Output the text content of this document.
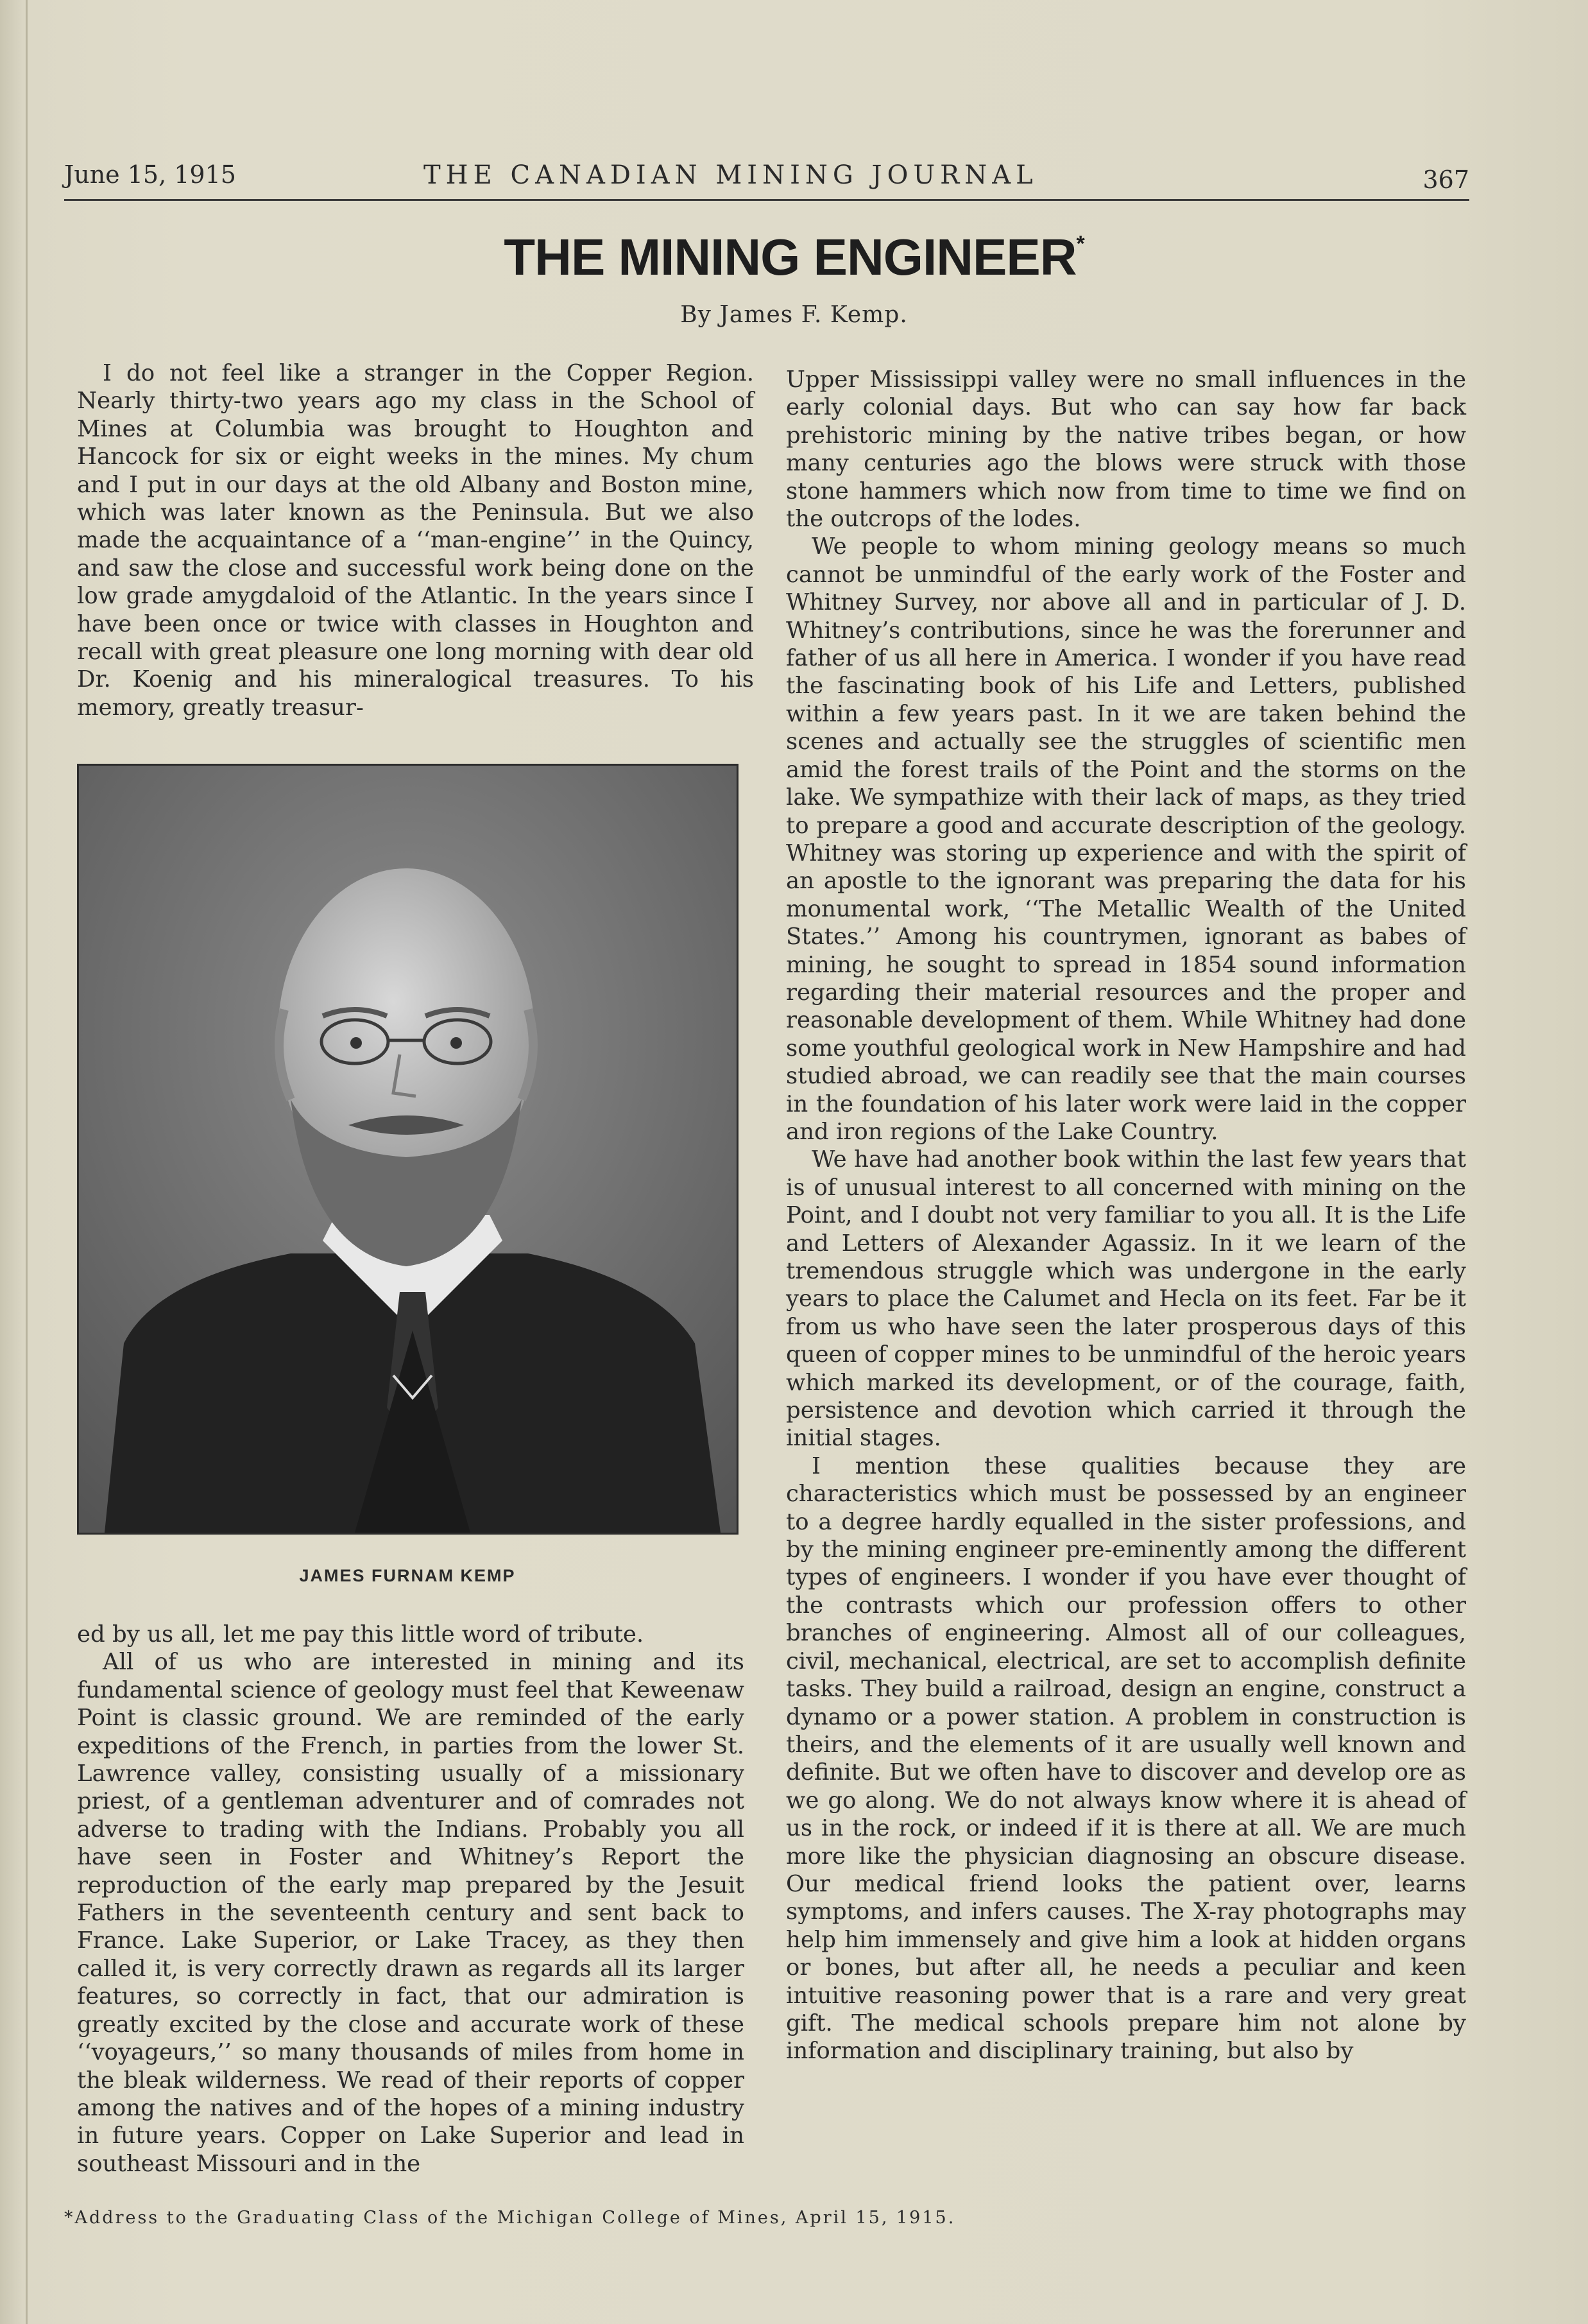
June 15, 1915	THE CANADIAN MINING JOURNAL	367
THE MINING ENGINEER*
By James F. Kemp.

I do not feel like a stranger in the Copper Region. Nearly thirty-two years ago my class in the School of Mines at Columbia was brought to Houghton and Hancock for six or eight weeks in the mines. My chum and I put in our days at the old Albany and Boston mine, which was later known as the Peninsula. But we also made the acquaintance of a ‘‘man-engine’’ in the Quincy, and saw the close and successful work being done on the low grade amygdaloid of the Atlantic. In the years since I have been once or twice with classes in Houghton and recall with great pleasure one long morning with dear old Dr. Koenig and his mineralogical treasures. To his memory, greatly treasur-

JAMES FURNAM KEMP

ed by us all, let me pay this little word of tribute.

All of us who are interested in mining and its fundamental science of geology must feel that Keweenaw Point is classic ground. We are reminded of the early expeditions of the French, in parties from the lower St. Lawrence valley, consisting usually of a missionary priest, of a gentleman adventurer and of comrades not adverse to trading with the Indians. Probably you all have seen in Foster and Whitney’s Report the reproduction of the early map prepared by the Jesuit Fathers in the seventeenth century and sent back to France. Lake Superior, or Lake Tracey, as they then called it, is very correctly drawn as regards all its larger features, so correctly in fact, that our admiration is greatly excited by the close and accurate work of these ‘‘voyageurs,’’ so many thousands of miles from home in the bleak wilderness. We read of their reports of copper among the natives and of the hopes of a mining industry in future years. Copper on Lake Superior and lead in southeast Missouri and in the

Upper Mississippi valley were no small influences in the early colonial days. But who can say how far back prehistoric mining by the native tribes began, or how many centuries ago the blows were struck with those stone hammers which now from time to time we find on the outcrops of the lodes.

We people to whom mining geology means so much cannot be unmindful of the early work of the Foster and Whitney Survey, nor above all and in particular of J. D. Whitney’s contributions, since he was the forerunner and father of us all here in America. I wonder if you have read the fascinating book of his Life and Letters, published within a few years past. In it we are taken behind the scenes and actually see the struggles of scientific men amid the forest trails of the Point and the storms on the lake. We sympathize with their lack of maps, as they tried to prepare a good and accurate description of the geology. Whitney was storing up experience and with the spirit of an apostle to the ignorant was preparing the data for his monumental work, ‘‘The Metallic Wealth of the United States.’’ Among his countrymen, ignorant as babes of mining, he sought to spread in 1854 sound information regarding their material resources and the proper and reasonable development of them. While Whitney had done some youthful geological work in New Hampshire and had studied abroad, we can readily see that the main courses in the foundation of his later work were laid in the copper and iron regions of the Lake Country.

We have had another book within the last few years that is of unusual interest to all concerned with mining on the Point, and I doubt not very familiar to you all. It is the Life and Letters of Alexander Agassiz. In it we learn of the tremendous struggle which was undergone in the early years to place the Calumet and Hecla on its feet. Far be it from us who have seen the later prosperous days of this queen of copper mines to be unmindful of the heroic years which marked its development, or of the courage, faith, persistence and devotion which carried it through the initial stages.

I mention these qualities because they are characteristics which must be possessed by an engineer to a degree hardly equalled in the sister professions, and by the mining engineer pre-eminently among the different types of engineers. I wonder if you have ever thought of the contrasts which our profession offers to other branches of engineering. Almost all of our colleagues, civil, mechanical, electrical, are set to accomplish definite tasks. They build a railroad, design an engine, construct a dynamo or a power station. A problem in construction is theirs, and the elements of it are usually well known and definite. But we often have to discover and develop ore as we go along. We do not always know where it is ahead of us in the rock, or indeed if it is there at all. We are much more like the physician diagnosing an obscure disease. Our medical friend looks the patient over, learns symptoms, and infers causes. The X-ray photographs may help him immensely and give him a look at hidden organs or bones, but after all, he needs a peculiar and keen intuitive reasoning power that is a rare and very great gift. The medical schools prepare him not alone by information and disciplinary training, but also by

*Address to the Graduating Class of the Michigan College of Mines, April 15, 1915.
